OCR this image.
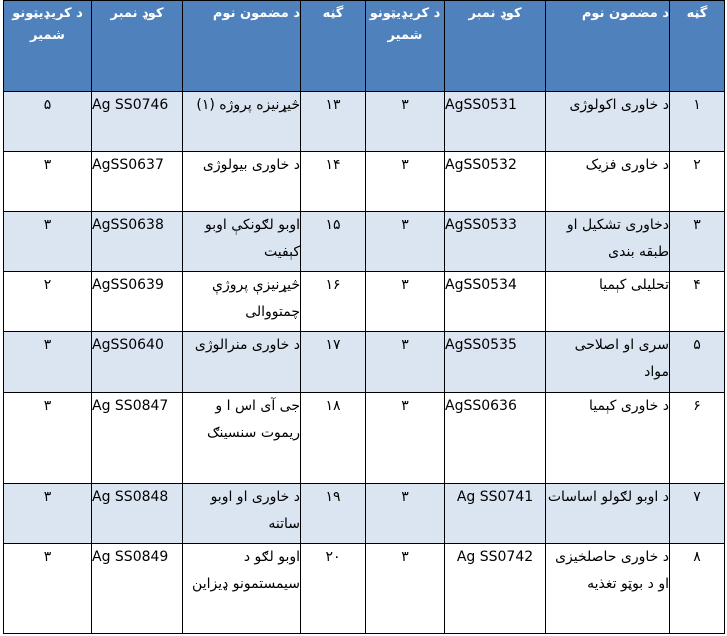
گڼه	د مضمون نوم	کوډ نمبر	د کریډیټونو شمیر	گڼه	د مضمون نوم	کوډ نمبر	د کریډیټونو شمیر
۱	د خاوری اکولوژی	AgSS0531	۳	۱۳	څیړنیزه پروژه (۱)	Ag SS0746	۵
۲	د خاوری فزیک	AgSS0532	۳	۱۴	د خاوری بیولوژی	AgSS0637	۳
۳	دخاوری تشکیل او طبقه بندی	AgSS0533	۳	۱۵	اوبو لګونکې اوبو کېفیت	AgSS0638	۳
۴	تحلیلی کېمیا	AgSS0534	۳	۱۶	څیړنیزې پروژې چمتووالی	AgSS0639	۲
۵	سری او اصلاحی مواد	AgSS0535	۳	۱۷	د خاوری منرالوژی	AgSS0640	۳
۶	د خاوری کېمیا	AgSS0636	۳	۱۸	جی آی اس ا و ریموت سنسینګ	Ag SS0847	۳
۷	د اوبو لګولو اساسات	Ag SS0741	۳	۱۹	د خاوری او اوبو ساتنه	Ag SS0848	۳
۸	د خاوری حاصلخیزی او د بوټو تغذیه	Ag SS0742	۳	۲۰	اوبو لګو د سیمستمونو ډیزاین	Ag SS0849	۳
